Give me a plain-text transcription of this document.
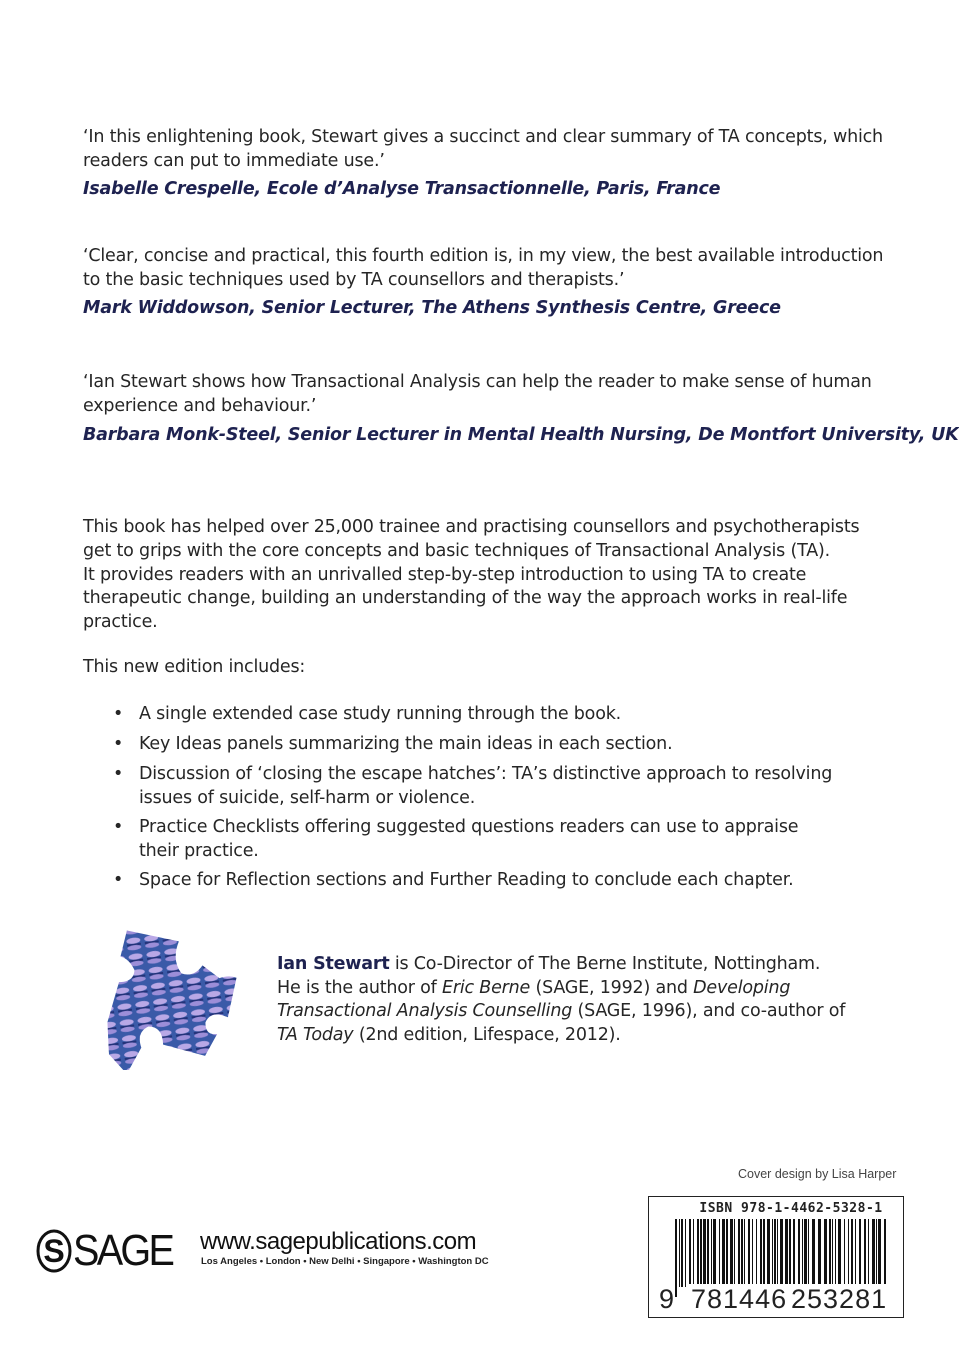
‘In this enlightening book, Stewart gives a succinct and clear summary of TA concepts, which
readers can put to immediate use.’
Isabelle Crespelle, Ecole d’Analyse Transactionnelle, Paris, France
‘Clear, concise and practical, this fourth edition is, in my view, the best available introduction
to the basic techniques used by TA counsellors and therapists.’
Mark Widdowson, Senior Lecturer, The Athens Synthesis Centre, Greece
‘Ian Stewart shows how Transactional Analysis can help the reader to make sense of human
experience and behaviour.’
Barbara Monk-Steel, Senior Lecturer in Mental Health Nursing, De Montfort University, UK
This book has helped over 25,000 trainee and practising counsellors and psychotherapists
get to grips with the core concepts and basic techniques of Transactional Analysis (TA).
It provides readers with an unrivalled step-by-step introduction to using TA to create
therapeutic change, building an understanding of the way the approach works in real-life
practice.
This new edition includes:
• A single extended case study running through the book.
• Key Ideas panels summarizing the main ideas in each section.
• Discussion of ‘closing the escape hatches’: TA’s distinctive approach to resolving issues of suicide, self-harm or violence.
• Practice Checklists offering suggested questions readers can use to appraise their practice.
• Space for Reflection sections and Further Reading to conclude each chapter.
Ian Stewart is Co-Director of The Berne Institute, Nottingham.
He is the author of Eric Berne (SAGE, 1992) and Developing
Transactional Analysis Counselling (SAGE, 1996), and co-author of
TA Today (2nd edition, Lifespace, 2012).
Cover design by Lisa Harper
S SAGE www.sagepublications.com
Los Angeles • London • New Delhi • Singapore • Washington DC
ISBN 978-1-4462-5328-1
9 781446 253281
